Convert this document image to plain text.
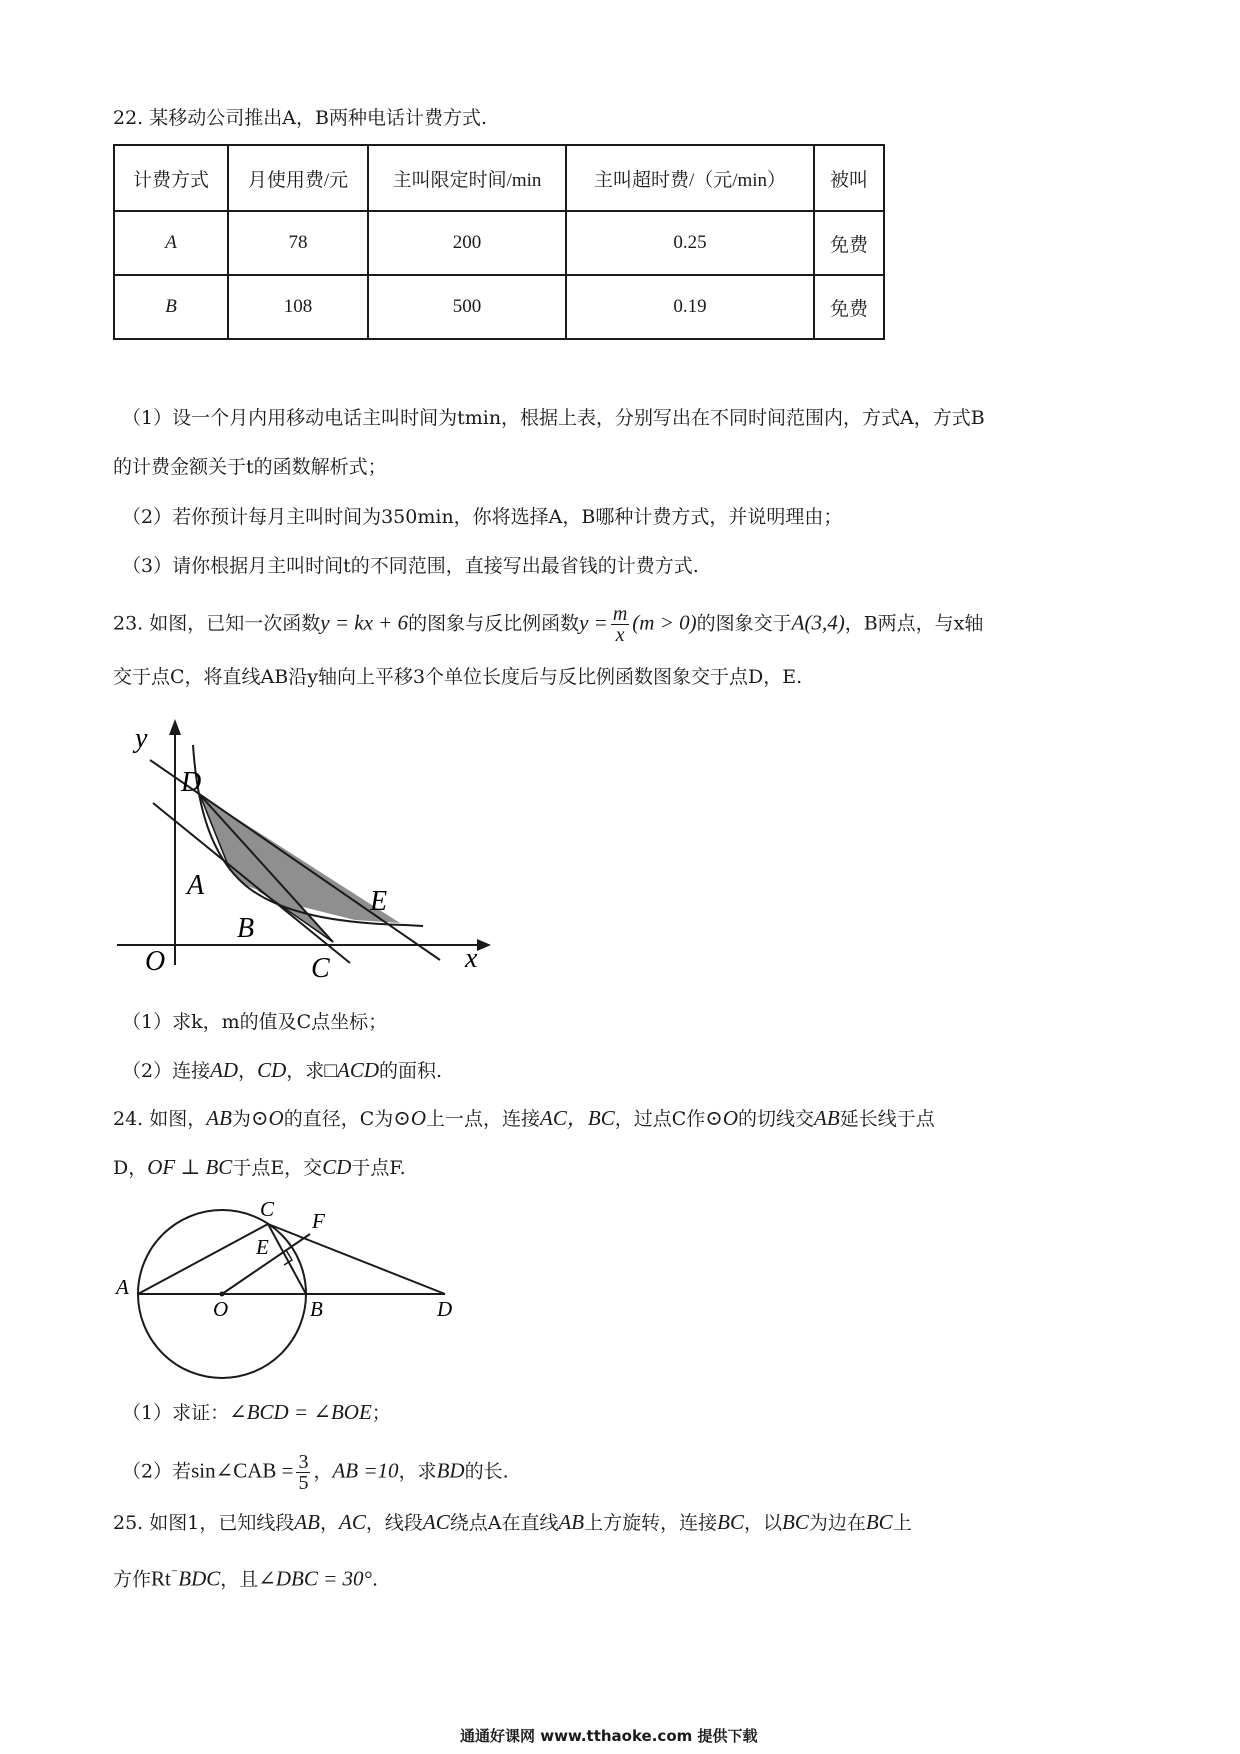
22. 某移动公司推出A，B两种电话计费方式.
计费方式	月使用费/元	主叫限定时间/min	主叫超时费/（元/min）	被叫
A	78	200	0.25	免费
B	108	500	0.19	免费
（1）设一个月内用移动电话主叫时间为tmin，根据上表，分别写出在不同时间范围内，方式A，方式B
的计费金额关于t的函数解析式；
（2）若你预计每月主叫时间为350min，你将选择A，B哪种计费方式，并说明理由；
（3）请你根据月主叫时间t的不同范围，直接写出最省钱的计费方式.
23. 如图，已知一次函数y = kx + 6的图象与反比例函数$y = \frac{m}{x} (m > 0)$的图象交于A(3,4)，B两点，与x轴
交于点C，将直线AB沿y轴向上平移3个单位长度后与反比例函数图象交于点D，E.
y
D
A
E
B
O	C	x
（1）求k，m的值及C点坐标；
（2）连接AD，CD，求□ACD的面积.
24. 如图，AB为⊙O的直径，C为⊙O上一点，连接AC，BC，过点C作⊙O的切线交AB延长线于点
D，OF ⊥ BC于点E，交CD于点F.
C F
E
A
O	B	D
（1）求证：∠BCD = ∠BOE；
（2）若sin∠CAB = $\frac{3}{5}$ ，AB =10，求BD的长.
25. 如图1，已知线段AB，AC，线段AC绕点A在直线AB上方旋转，连接BC，以BC为边在BC上
方作Rt⁻BDC，且∠DBC = 30°.
通通好课网 www.tthaoke.com 提供下载
